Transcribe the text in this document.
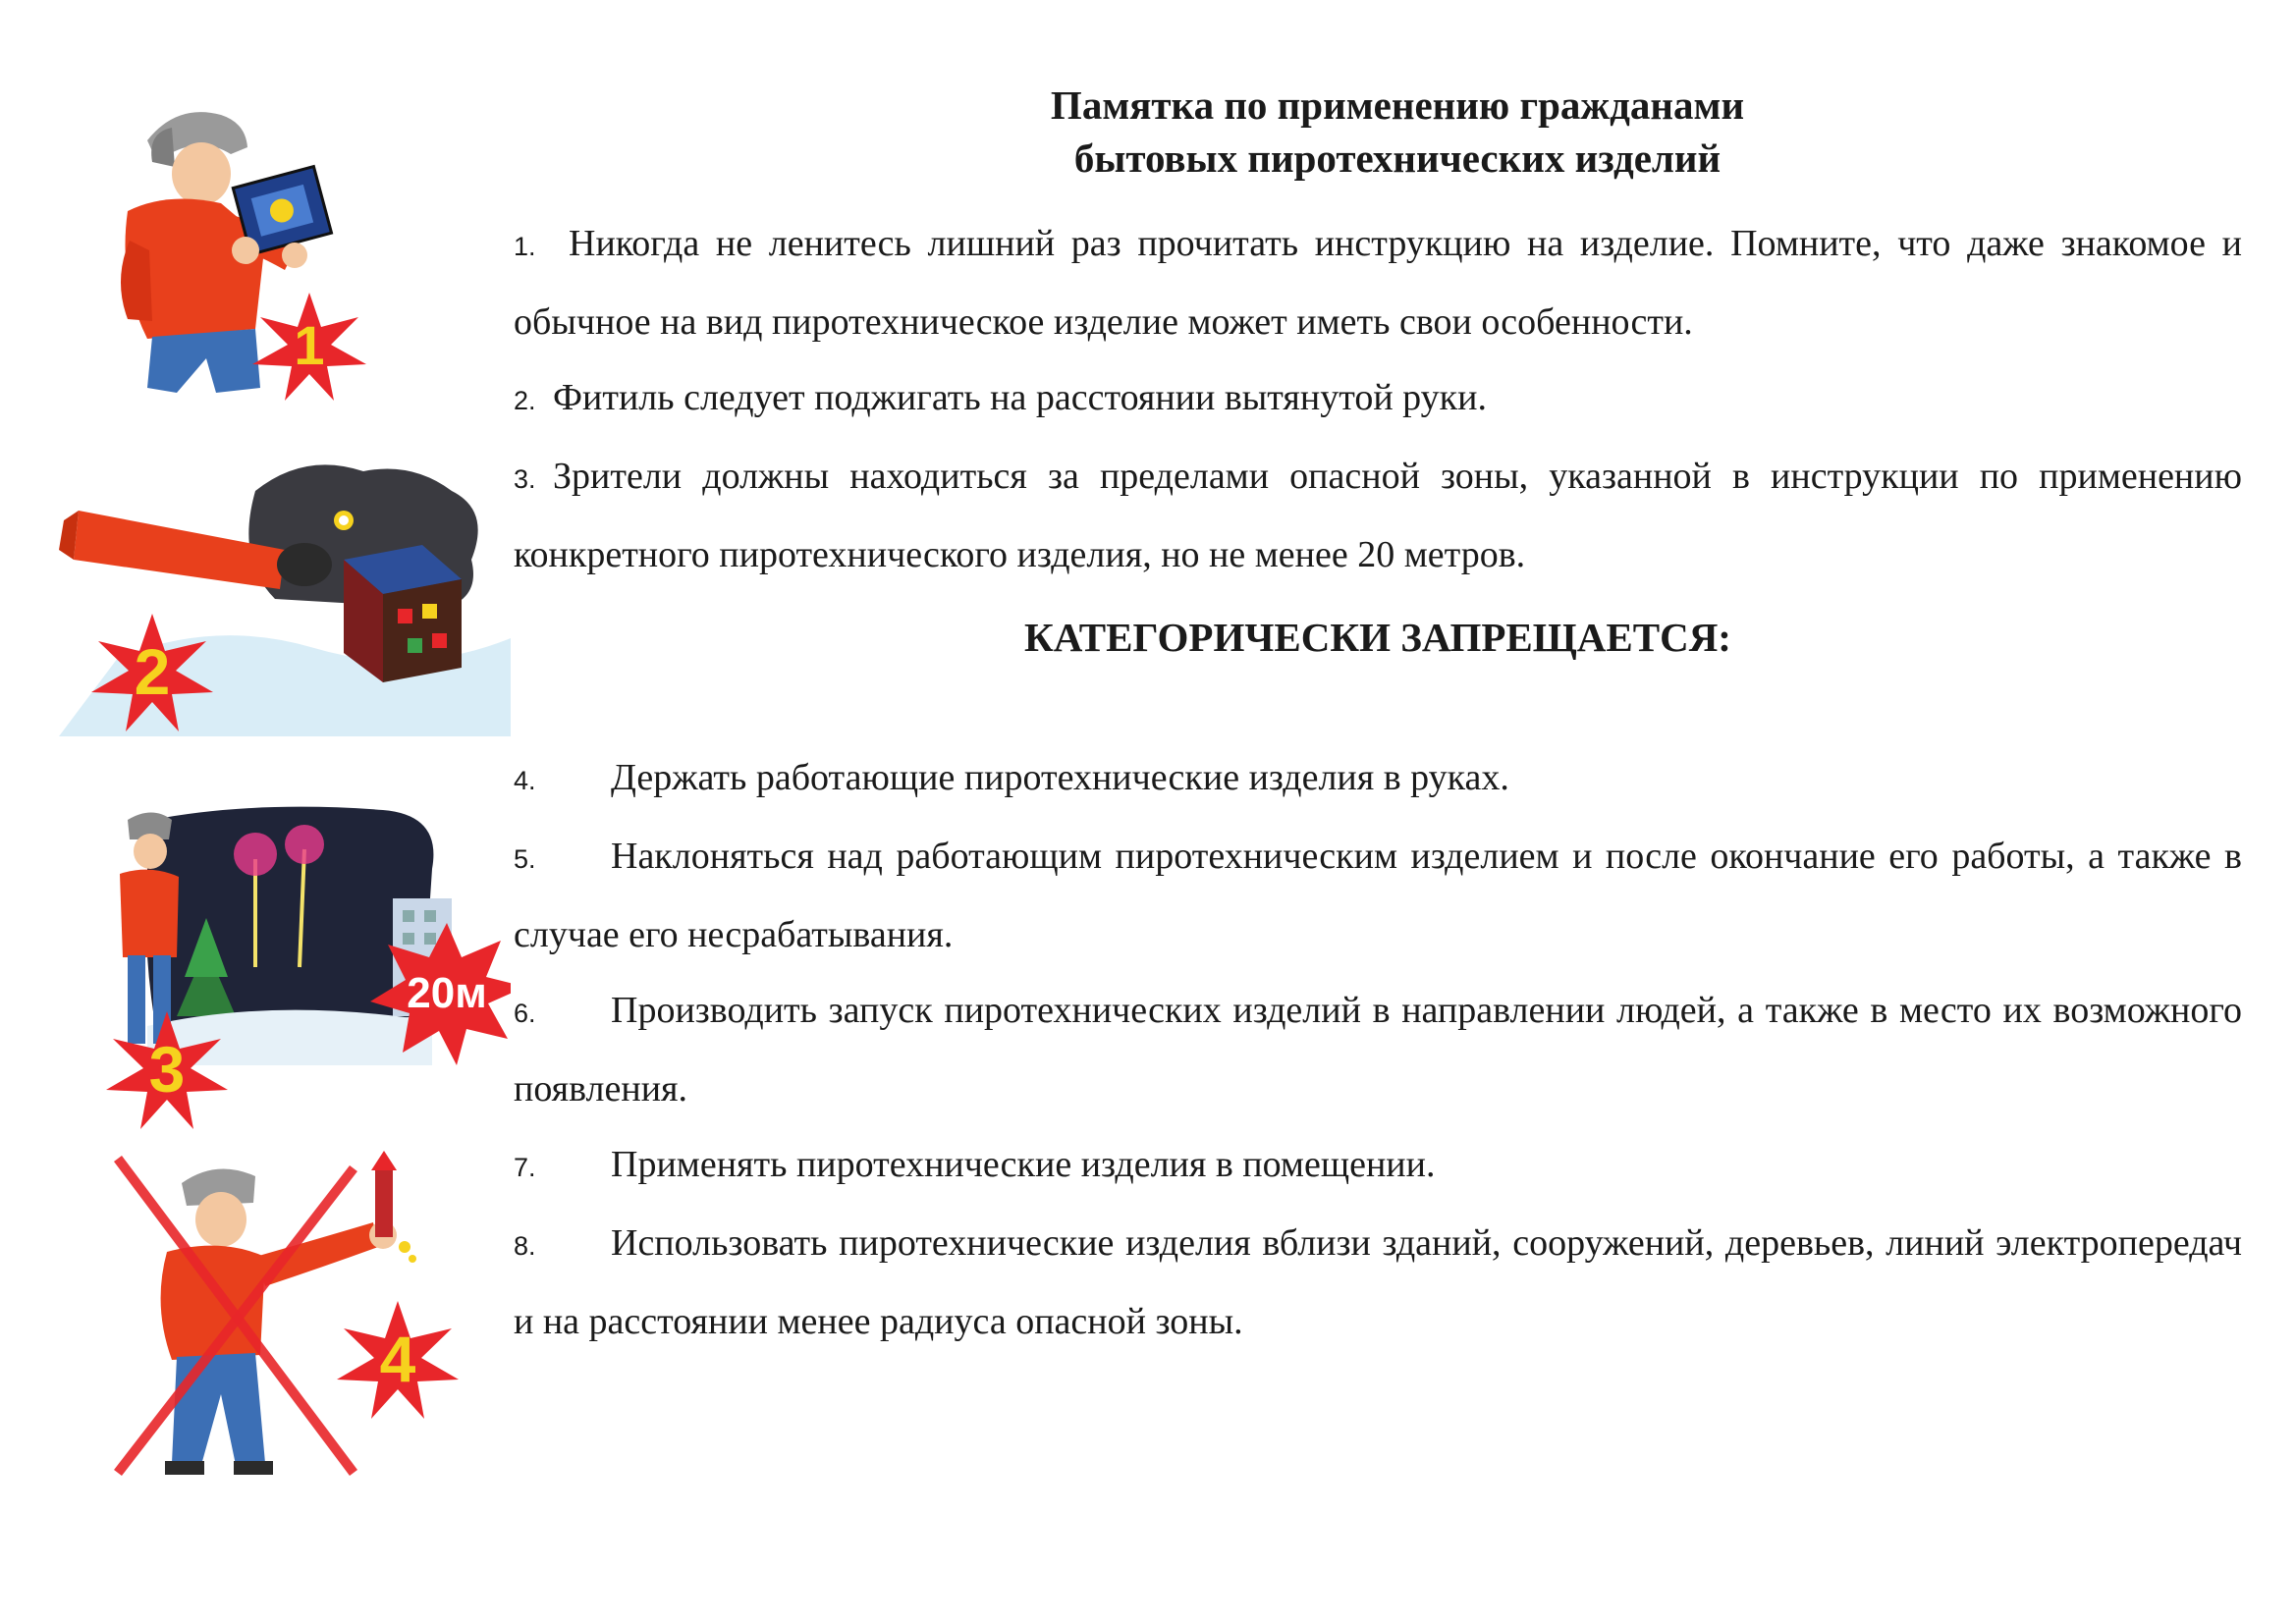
1
2
20м
3
4
Памятка по применению гражданами
бытовых пиротехнических изделий

1. Никогда не ленитесь лишний раз прочитать инструкцию на изделие. Помните, что даже знакомое и обычное на вид пиротехническое изделие может иметь свои особенности.

2. Фитиль следует поджигать на расстоянии вытянутой руки.

3. Зрители должны находиться за пределами опасной зоны, указанной в инструкции по применению конкретного пиротехнического изделия, но не менее 20 метров.

КАТЕГОРИЧЕСКИ ЗАПРЕЩАЕТСЯ:

4. Держать работающие пиротехнические изделия в руках.

5. Наклоняться над работающим пиротехническим изделием и после окончание его работы, а также в случае его несрабатывания.

6. Производить запуск пиротехнических изделий в направлении людей, а также в место их возможного появления.

7. Применять пиротехнические изделия в помещении.

8. Использовать пиротехнические изделия вблизи зданий, сооружений, деревьев, линий электропередач и на расстоянии менее радиуса опасной зоны.
